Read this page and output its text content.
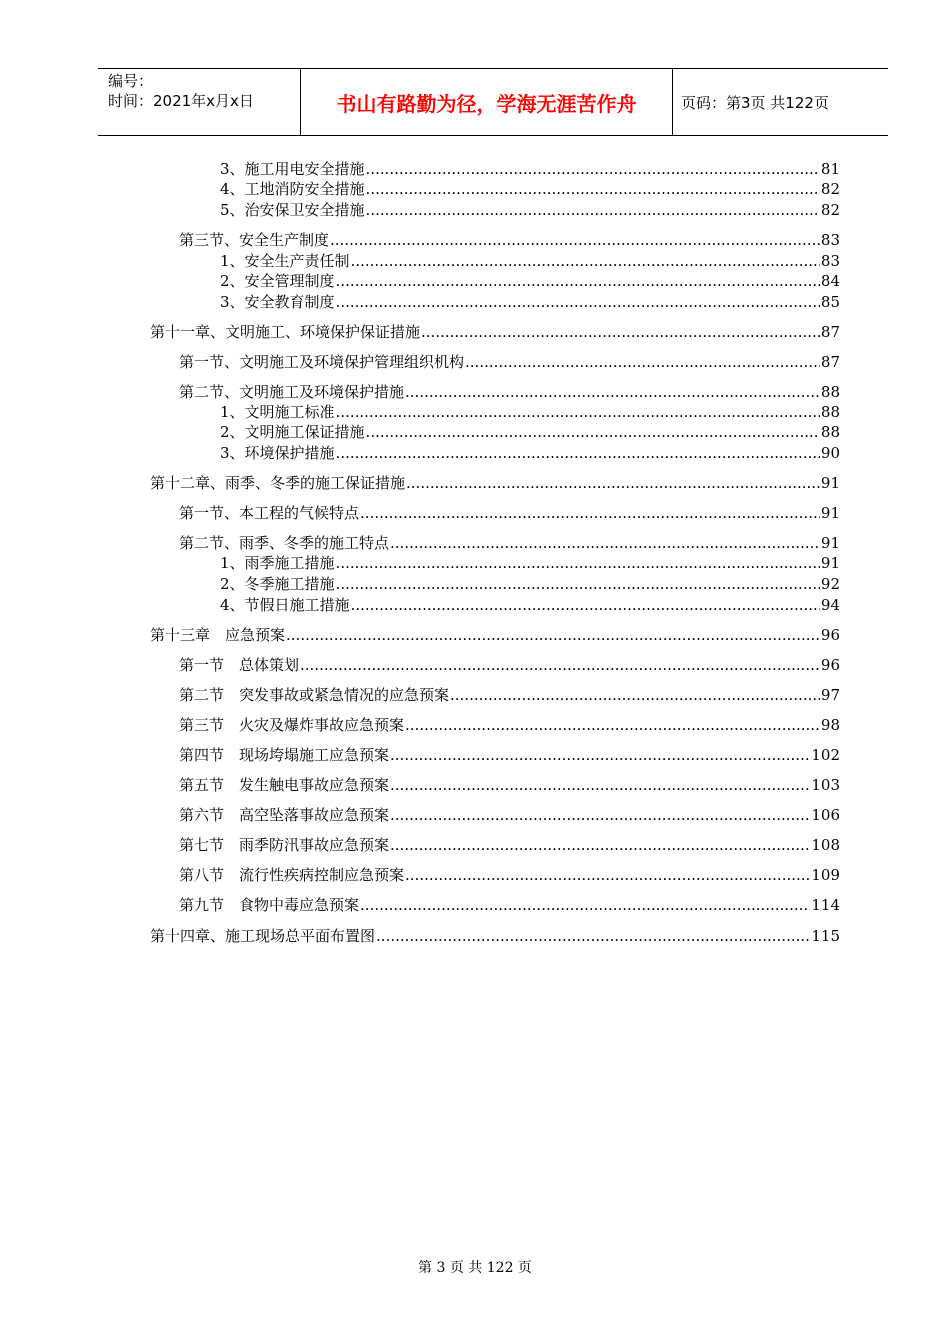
编号：
时间：2021年x月x日	书山有路勤为径，学海无涯苦作舟	页码：第3页 共122页
3、施工用电安全措施 .....	81
4、工地消防安全措施 .....	82
5、治安保卫安全措施 .....	82
第三节、安全生产制度 .....	83
1、安全生产责任制 .....	83
2、安全管理制度 .....	84
3、安全教育制度 .....	85
第十一章、文明施工、环境保护保证措施 .....	87
第一节、文明施工及环境保护管理组织机构 .....	87
第二节、文明施工及环境保护措施 .....	88
1、文明施工标准 .....	88
2、文明施工保证措施 .....	88
3、环境保护措施 .....	90
第十二章、雨季、冬季的施工保证措施 .....	91
第一节、本工程的气候特点 .....	91
第二节、雨季、冬季的施工特点 .....	91
1、雨季施工措施 .....	91
2、冬季施工措施 .....	92
4、节假日施工措施 .....	94
第十三章　应急预案 .....	96
第一节　总体策划 .....	96
第二节　突发事故或紧急情况的应急预案 .....	97
第三节　火灾及爆炸事故应急预案 .....	98
第四节　现场垮塌施工应急预案 .....	102
第五节　发生触电事故应急预案 .....	103
第六节　高空坠落事故应急预案 .....	106
第七节　雨季防汛事故应急预案 .....	108
第八节　流行性疾病控制应急预案 .....	109
第九节　食物中毒应急预案 .....	114
第十四章、施工现场总平面布置图 .....	115
第 3 页 共 122 页
